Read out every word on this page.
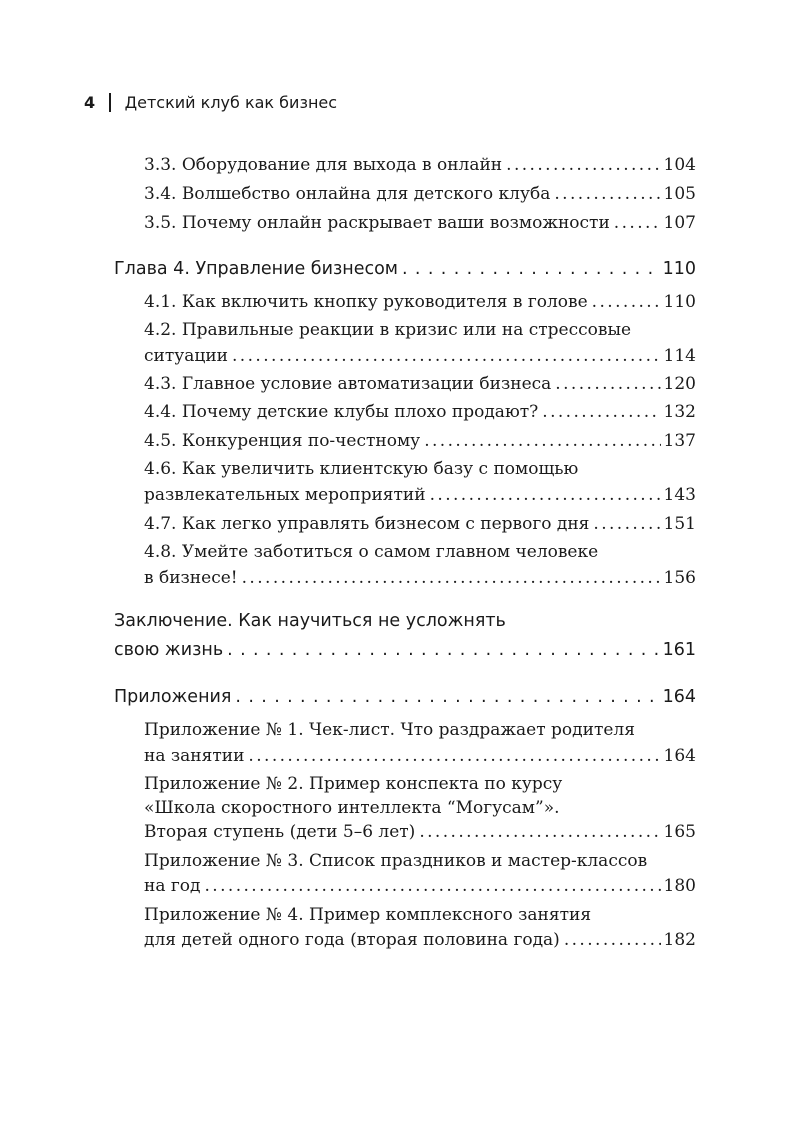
4 Детский клуб как бизнес
3.3. Оборудование для выхода в онлайн .....	104
3.4. Волшебство онлайна для детского клуба .....	105
3.5. Почему онлайн раскрывает ваши возможности .....	107
Глава 4. Управление бизнесом . . .	110
4.1. Как включить кнопку руководителя в голове .....	110
4.2. Правильные реакции в кризис или на стрессовые
ситуации .....	114
4.3. Главное условие автоматизации бизнеса .....	120
4.4. Почему детские клубы плохо продают? .....	132
4.5. Конкуренция по-честному .....	137
4.6. Как увеличить клиентскую базу с помощью
развлекательных мероприятий .....	143
4.7. Как легко управлять бизнесом с первого дня .....	151
4.8. Умейте заботиться о самом главном человеке
в бизнесе! .....	156
Заключение. Как научиться не усложнять
свою жизнь . . .	161
Приложения . . .	164
Приложение № 1. Чек-лист. Что раздражает родителя
на занятии .....	164
Приложение № 2. Пример конспекта по курсу
«Школа скоростного интеллекта “Могусам”».
Вторая ступень (дети 5–6 лет) .....	165
Приложение № 3. Список праздников и мастер-классов
на год .....	180
Приложение № 4. Пример комплексного занятия
для детей одного года (вторая половина года) .....	182
